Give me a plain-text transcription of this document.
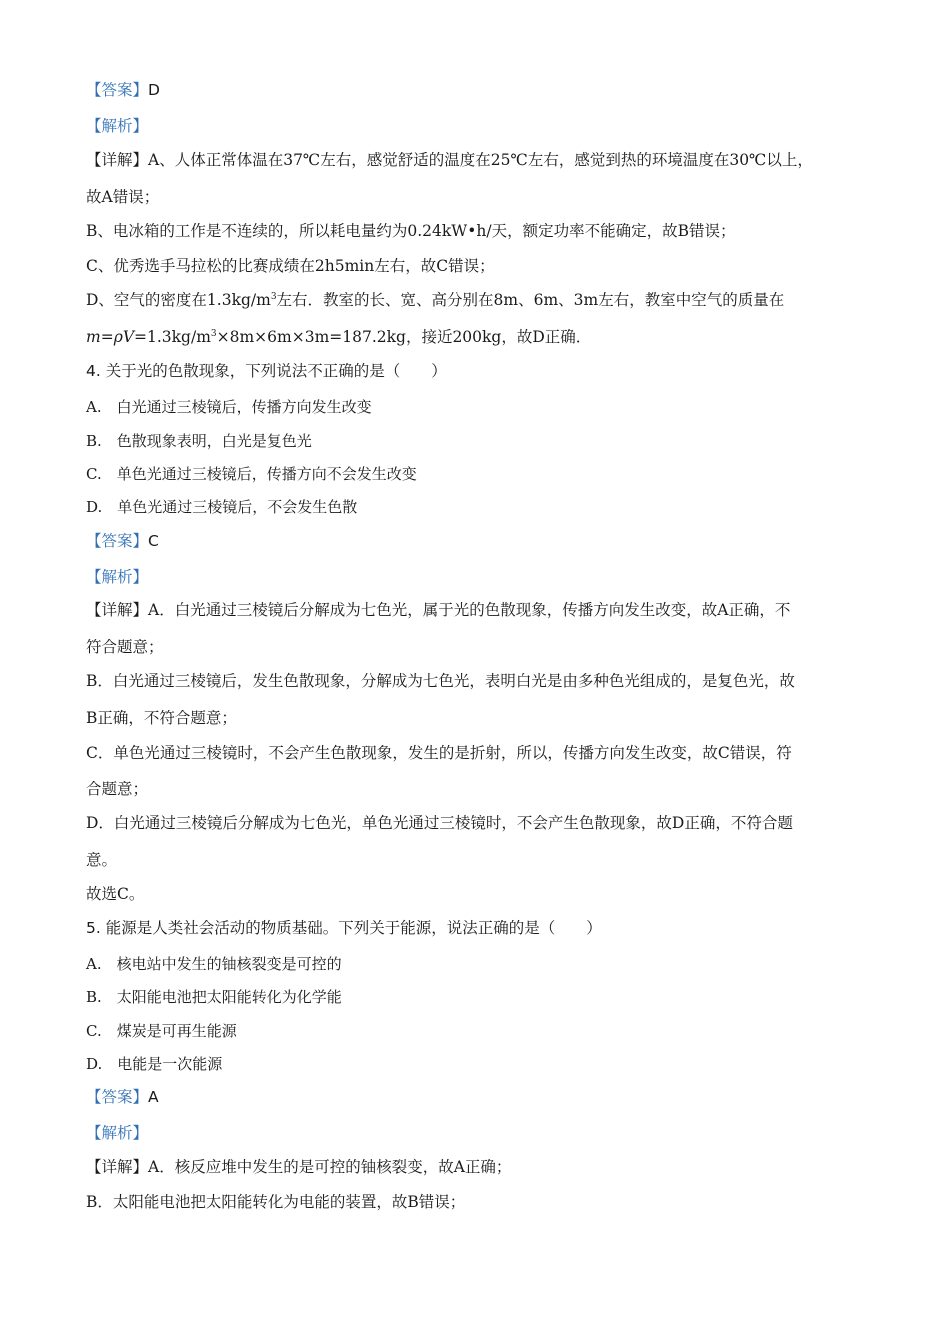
【答案】D
【解析】
【详解】A、人体正常体温在37℃左右，感觉舒适的温度在25℃左右，感觉到热的环境温度在30℃以上，
故A错误；
B、电冰箱的工作是不连续的，所以耗电量约为0.24kW•h/天，额定功率不能确定，故B错误；
C、优秀选手马拉松的比赛成绩在2h5min左右，故C错误；
D、空气的密度在$1.3kg/m^3$左右．教室的长、宽、高分别在8m、6m、3m左右，教室中空气的质量在
$m=\rho V=1.3kg/m^3\times 8m\times 6m\times 3m=187.2kg$，接近200kg，故D正确．
4. 关于光的色散现象，下列说法不正确的是（　　）
A.　白光通过三棱镜后，传播方向发生改变
B.　色散现象表明，白光是复色光
C.　单色光通过三棱镜后，传播方向不会发生改变
D.　单色光通过三棱镜后，不会发生色散
【答案】C
【解析】
【详解】A．白光通过三棱镜后分解成为七色光，属于光的色散现象，传播方向发生改变，故A正确，不
符合题意；
B．白光通过三棱镜后，发生色散现象，分解成为七色光，表明白光是由多种色光组成的，是复色光，故
B正确，不符合题意；
C．单色光通过三棱镜时，不会产生色散现象，发生的是折射，所以，传播方向发生改变，故C错误，符
合题意；
D．白光通过三棱镜后分解成为七色光，单色光通过三棱镜时，不会产生色散现象，故D正确，不符合题
意。
故选C。
5. 能源是人类社会活动的物质基础。下列关于能源，说法正确的是（　　）
A.　核电站中发生的铀核裂变是可控的
B.　太阳能电池把太阳能转化为化学能
C.　煤炭是可再生能源
D.　电能是一次能源
【答案】A
【解析】
【详解】A．核反应堆中发生的是可控的铀核裂变，故A正确；
B．太阳能电池把太阳能转化为电能的装置，故B错误；
